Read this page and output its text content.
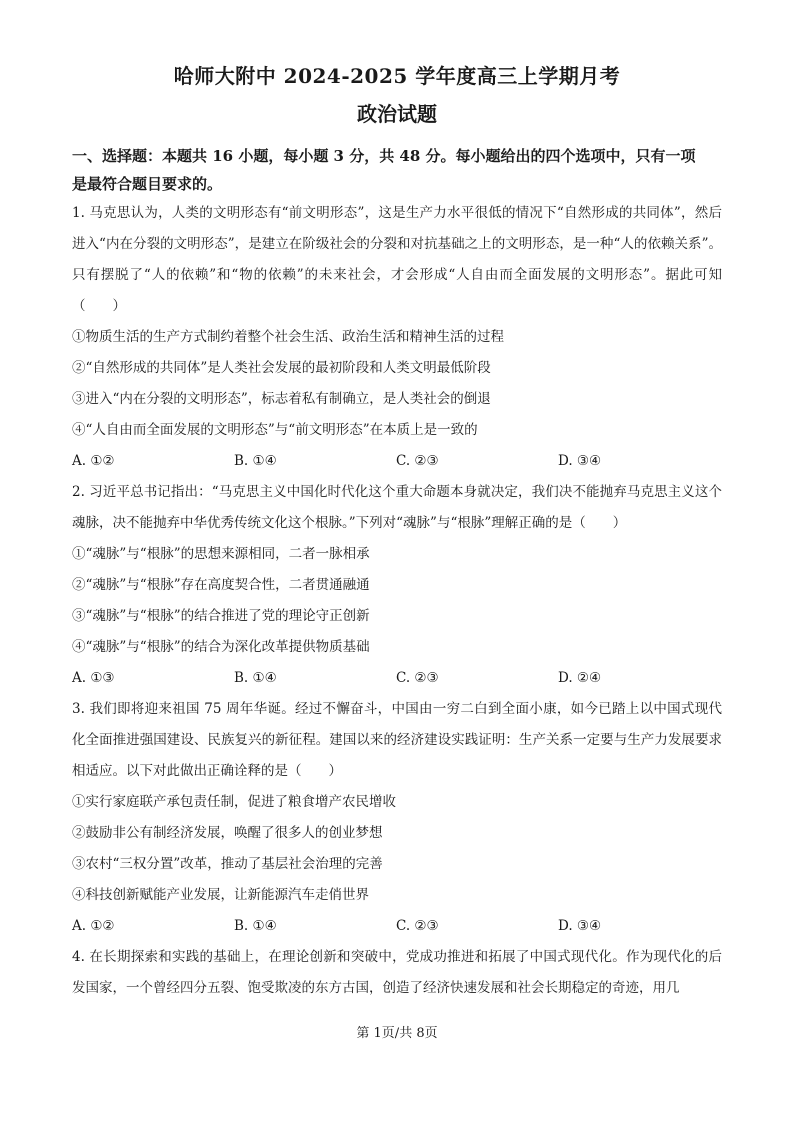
哈师大附中 2024-2025 学年度高三上学期月考

政治试题

一、选择题：本题共 16 小题，每小题 3 分，共 48 分。每小题给出的四个选项中，只有一项

是最符合题目要求的。

1. 马克思认为，人类的文明形态有“前文明形态”，这是生产力水平很低的情况下“自然形成的共同体”，然后进入“内在分裂的文明形态”，是建立在阶级社会的分裂和对抗基础之上的文明形态，是一种“人的依赖关系”。只有摆脱了“人的依赖”和“物的依赖”的未来社会，才会形成“人自由而全面发展的文明形态”。据此可知（　　）

①物质生活的生产方式制约着整个社会生活、政治生活和精神生活的过程

②“自然形成的共同体”是人类社会发展的最初阶段和人类文明最低阶段

③进入“内在分裂的文明形态”，标志着私有制确立，是人类社会的倒退

④“人自由而全面发展的文明形态”与“前文明形态”在本质上是一致的

A. ①②	B. ①④	C. ②③	D. ③④

2. 习近平总书记指出：“马克思主义中国化时代化这个重大命题本身就决定，我们决不能抛弃马克思主义这个魂脉，决不能抛弃中华优秀传统文化这个根脉。”下列对“魂脉”与“根脉”理解正确的是（　　）

①“魂脉”与“根脉”的思想来源相同，二者一脉相承

②“魂脉”与“根脉”存在高度契合性，二者贯通融通

③“魂脉”与“根脉”的结合推进了党的理论守正创新

④“魂脉”与“根脉”的结合为深化改革提供物质基础

A. ①③	B. ①④	C. ②③	D. ②④

3. 我们即将迎来祖国 75 周年华诞。经过不懈奋斗，中国由一穷二白到全面小康，如今已踏上以中国式现代化全面推进强国建设、民族复兴的新征程。建国以来的经济建设实践证明：生产关系一定要与生产力发展要求相适应。以下对此做出正确诠释的是（　　）

①实行家庭联产承包责任制，促进了粮食增产农民增收

②鼓励非公有制经济发展，唤醒了很多人的创业梦想

③农村“三权分置”改革，推动了基层社会治理的完善

④科技创新赋能产业发展，让新能源汽车走俏世界

A. ①②	B. ①④	C. ②③	D. ③④

4. 在长期探索和实践的基础上，在理论创新和突破中，党成功推进和拓展了中国式现代化。作为现代化的后发国家，一个曾经四分五裂、饱受欺凌的东方古国，创造了经济快速发展和社会长期稳定的奇迹，用几

第 1页/共 8页
